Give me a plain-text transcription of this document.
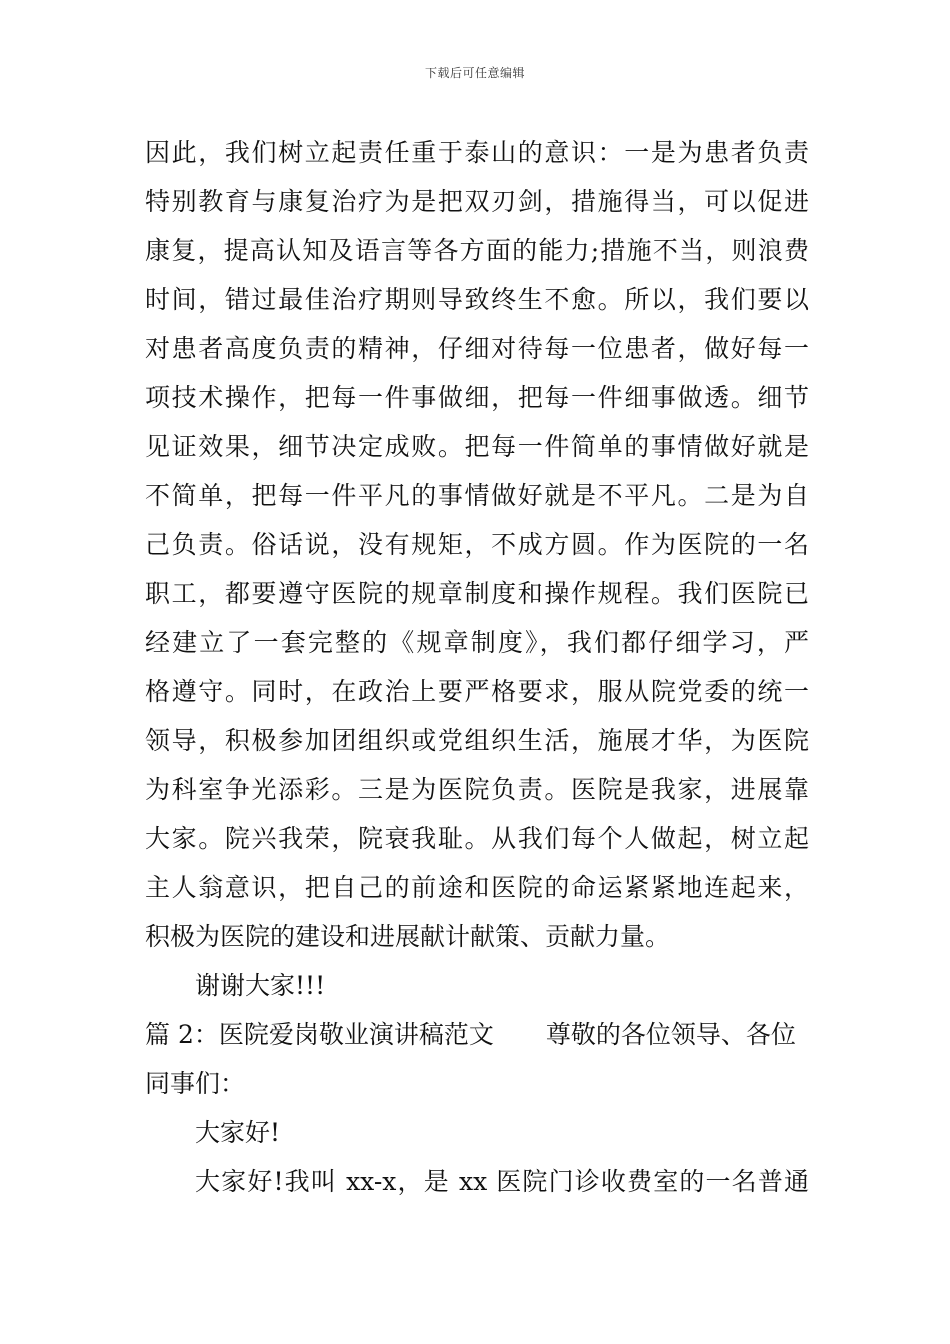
下载后可任意编辑
因此，我们树立起责任重于泰山的意识：一是为患者负责
特别教育与康复治疗为是把双刃剑，措施得当，可以促进
康复，提高认知及语言等各方面的能力;措施不当，则浪费
时间，错过最佳治疗期则导致终生不愈。所以，我们要以
对患者高度负责的精神，仔细对待每一位患者，做好每一
项技术操作，把每一件事做细，把每一件细事做透。细节
见证效果，细节决定成败。把每一件简单的事情做好就是
不简单，把每一件平凡的事情做好就是不平凡。二是为自
己负责。俗话说，没有规矩，不成方圆。作为医院的一名
职工，都要遵守医院的规章制度和操作规程。我们医院已
经建立了一套完整的《规章制度》，我们都仔细学习，严
格遵守。同时，在政治上要严格要求，服从院党委的统一
领导，积极参加团组织或党组织生活，施展才华，为医院
为科室争光添彩。三是为医院负责。医院是我家，进展靠
大家。院兴我荣，院衰我耻。从我们每个人做起，树立起
主人翁意识，把自己的前途和医院的命运紧紧地连起来，
积极为医院的建设和进展献计献策、贡献力量。
谢谢大家!!!
篇 2：医院爱岗敬业演讲稿范文 尊敬的各位领导、各位
同事们：
大家好!
大家好!我叫 xx-x，是 xx 医院门诊收费室的一名普通
